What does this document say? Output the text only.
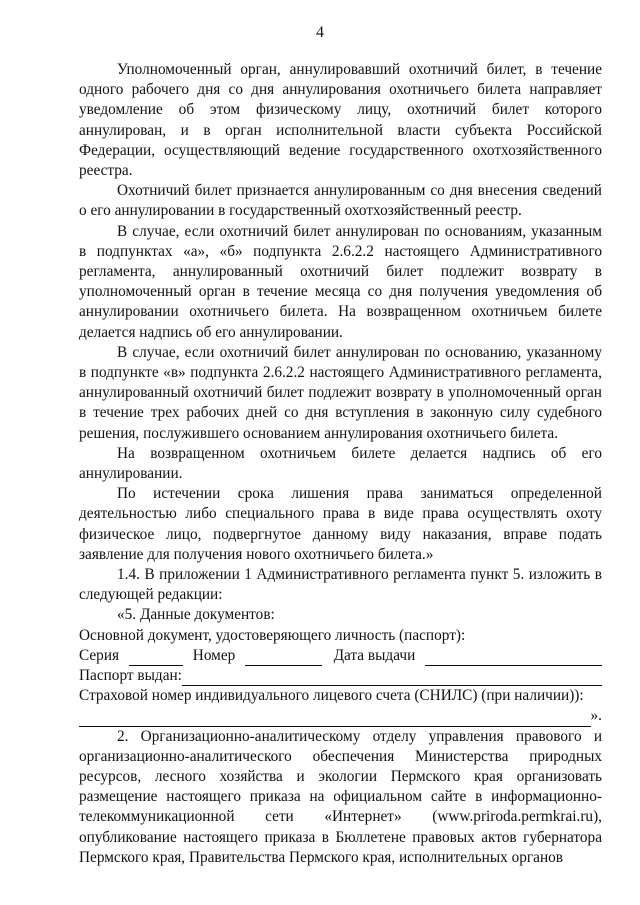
4

Уполномоченный орган, аннулировавший охотничий билет, в течение одного рабочего дня со дня аннулирования охотничьего билета направляет уведомление об этом физическому лицу, охотничий билет которого аннулирован, и в орган исполнительной власти субъекта Российской Федерации, осуществляющий ведение государственного охотхозяйственного реестра.

Охотничий билет признается аннулированным со дня внесения сведений о его аннулировании в государственный охотхозяйственный реестр.

В случае, если охотничий билет аннулирован по основаниям, указанным в подпунктах «а», «б» подпункта 2.6.2.2 настоящего Административного регламента, аннулированный охотничий билет подлежит возврату в уполномоченный орган в течение месяца со дня получения уведомления об аннулировании охотничьего билета. На возвращенном охотничьем билете делается надпись об его аннулировании.

В случае, если охотничий билет аннулирован по основанию, указанному в подпункте «в» подпункта 2.6.2.2 настоящего Административного регламента, аннулированный охотничий билет подлежит возврату в уполномоченный орган в течение трех рабочих дней со дня вступления в законную силу судебного решения, послужившего основанием аннулирования охотничьего билета.

На возвращенном охотничьем билете делается надпись об его аннулировании.

По истечении срока лишения права заниматься определенной деятельностью либо специального права в виде права осуществлять охоту физическое лицо, подвергнутое данному виду наказания, вправе подать заявление для получения нового охотничьего билета.»

1.4. В приложении 1 Административного регламента пункт 5. изложить в следующей редакции:

«5. Данные документов:

Основной документ, удостоверяющего личность (паспорт):

Серия	Номер	Дата выдачи
Паспорт выдан:

Страховой номер индивидуального лицевого счета (СНИЛС) (при наличии)):

».

2. Организационно-аналитическому отделу управления правового и организационно-аналитического обеспечения Министерства природных ресурсов, лесного хозяйства и экологии Пермского края организовать размещение настоящего приказа на официальном сайте в информационно-телекоммуникационной сети «Интернет» (www.priroda.permkrai.ru), опубликование настоящего приказа в Бюллетене правовых актов губернатора Пермского края, Правительства Пермского края, исполнительных органов
